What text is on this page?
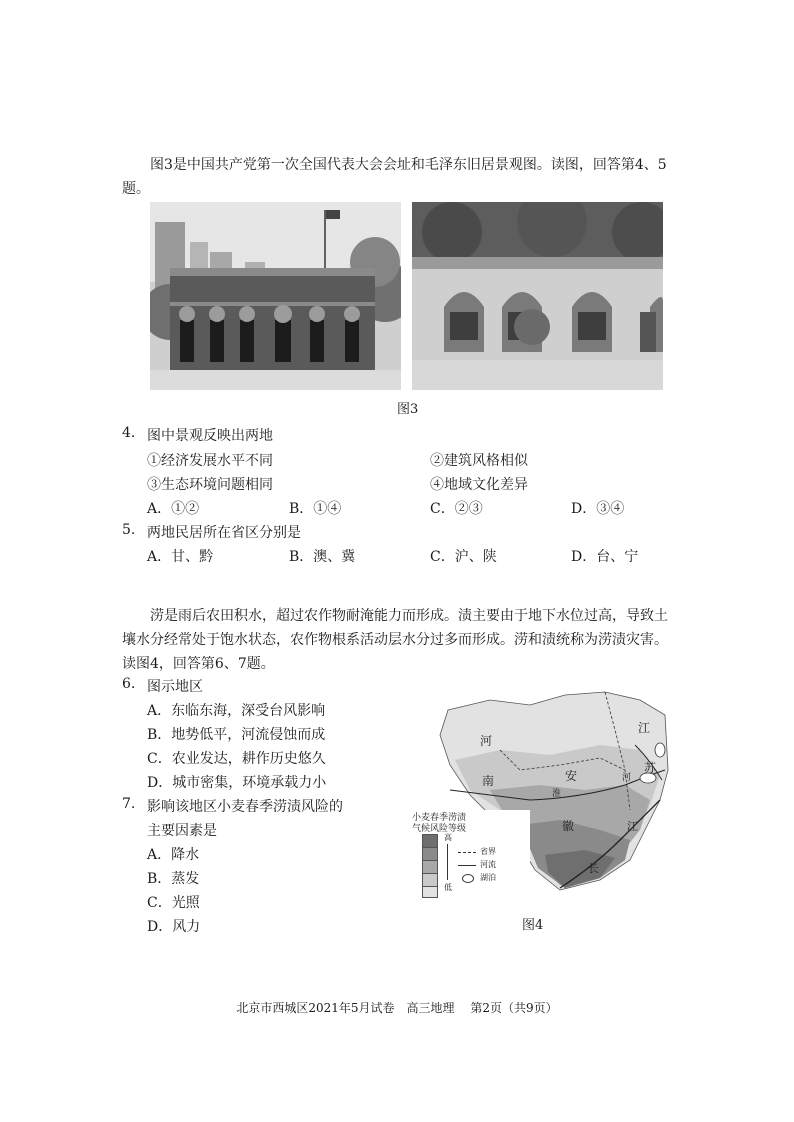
图3是中国共产党第一次全国代表大会会址和毛泽东旧居景观图。读图，回答第4、5题。
图3
4. 图中景观反映出两地
①经济发展水平不同	②建筑风格相似
③生态环境问题相同	④地域文化差异
A．①②	B．①④	C．②③	D．③④
5. 两地民居所在省区分别是
A．甘、黔	B．澳、冀	C．沪、陕	D．台、宁
涝是雨后农田积水，超过农作物耐淹能力而形成。渍主要由于地下水位过高，导致土壤水分经常处于饱水状态，农作物根系活动层水分过多而形成。涝和渍统称为涝渍灾害。读图4，回答第6、7题。
6. 图示地区
A．东临东海，深受台风影响
B．地势低平，河流侵蚀而成
C．农业发达，耕作历史悠久
D．城市密集，环境承载力小
7. 影响该地区小麦春季涝渍风险的
主要因素是
A．降水
B．蒸发
C．光照
D．风力
河
南
江
苏
安
徽
淮
河
江
长
小麦春季涝渍
气候风险等级
高
低
省界
河流
湖泊
图4
北京市西城区2021年5月试卷　高三地理　 第2页（共9页）
